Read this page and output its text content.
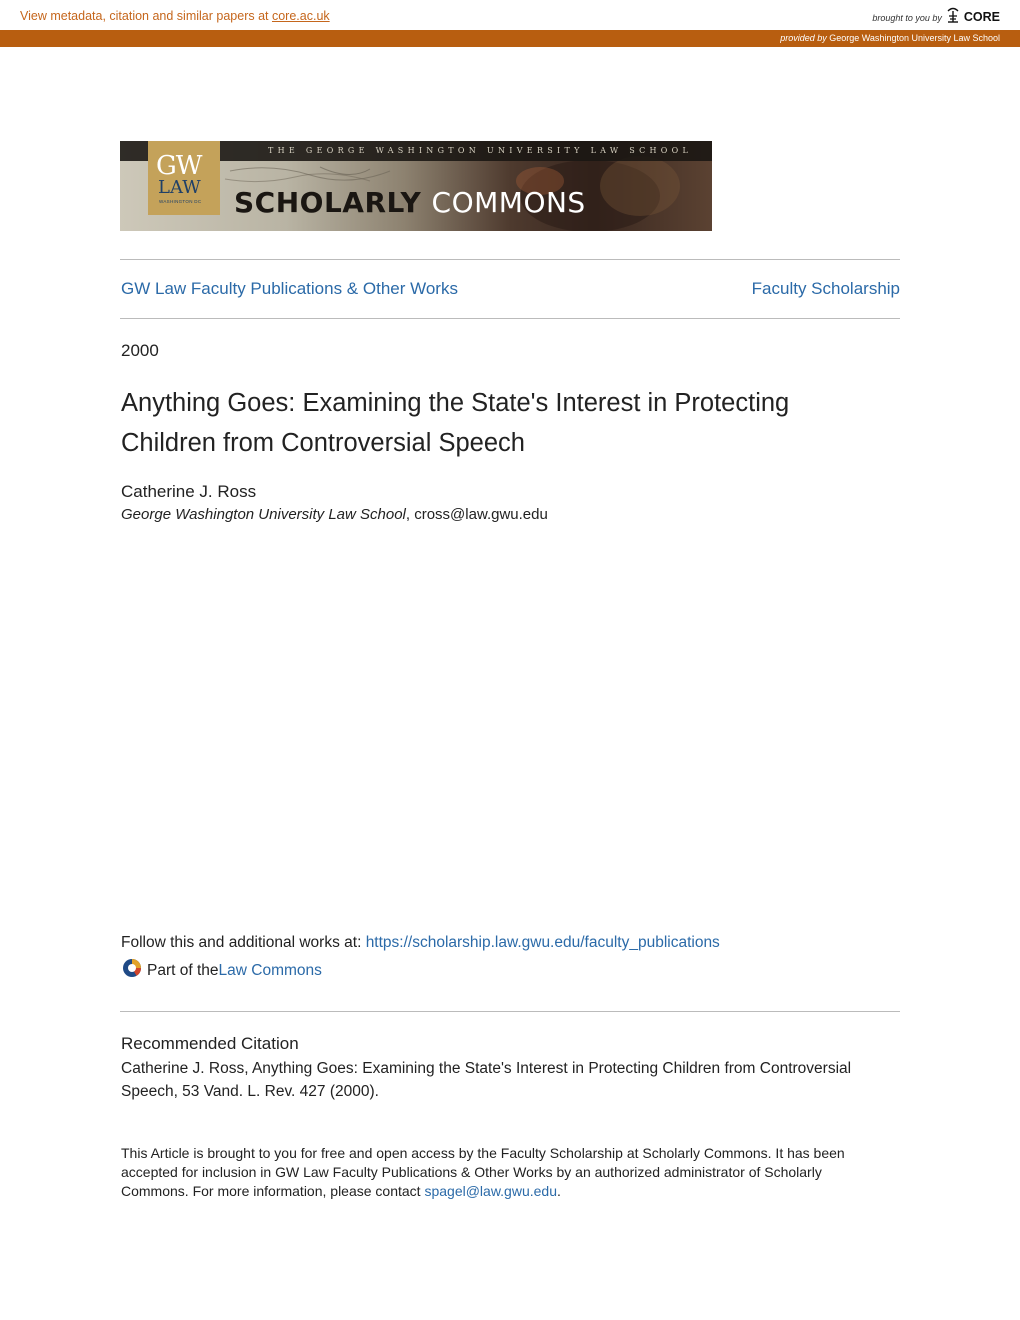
View metadata, citation and similar papers at core.ac.uk	brought to you by CORE
provided by George Washington University Law School
THE GEORGE WASHINGTON UNIVERSITY LAW SCHOOL
GW
LAW
WASHINGTON DC SCHOLARLY COMMONS
GW Law Faculty Publications & Other Works	Faculty Scholarship
2000
Anything Goes: Examining the State's Interest in Protecting
Children from Controversial Speech
Catherine J. Ross
George Washington University Law School, cross@law.gwu.edu
Follow this and additional works at: https://scholarship.law.gwu.edu/faculty_publications
Part of the Law Commons
Recommended Citation
Catherine J. Ross, Anything Goes: Examining the State's Interest in Protecting Children from Controversial Speech, 53 Vand. L. Rev. 427 (2000).
This Article is brought to you for free and open access by the Faculty Scholarship at Scholarly Commons. It has been accepted for inclusion in GW Law Faculty Publications & Other Works by an authorized administrator of Scholarly Commons. For more information, please contact spagel@law.gwu.edu.
